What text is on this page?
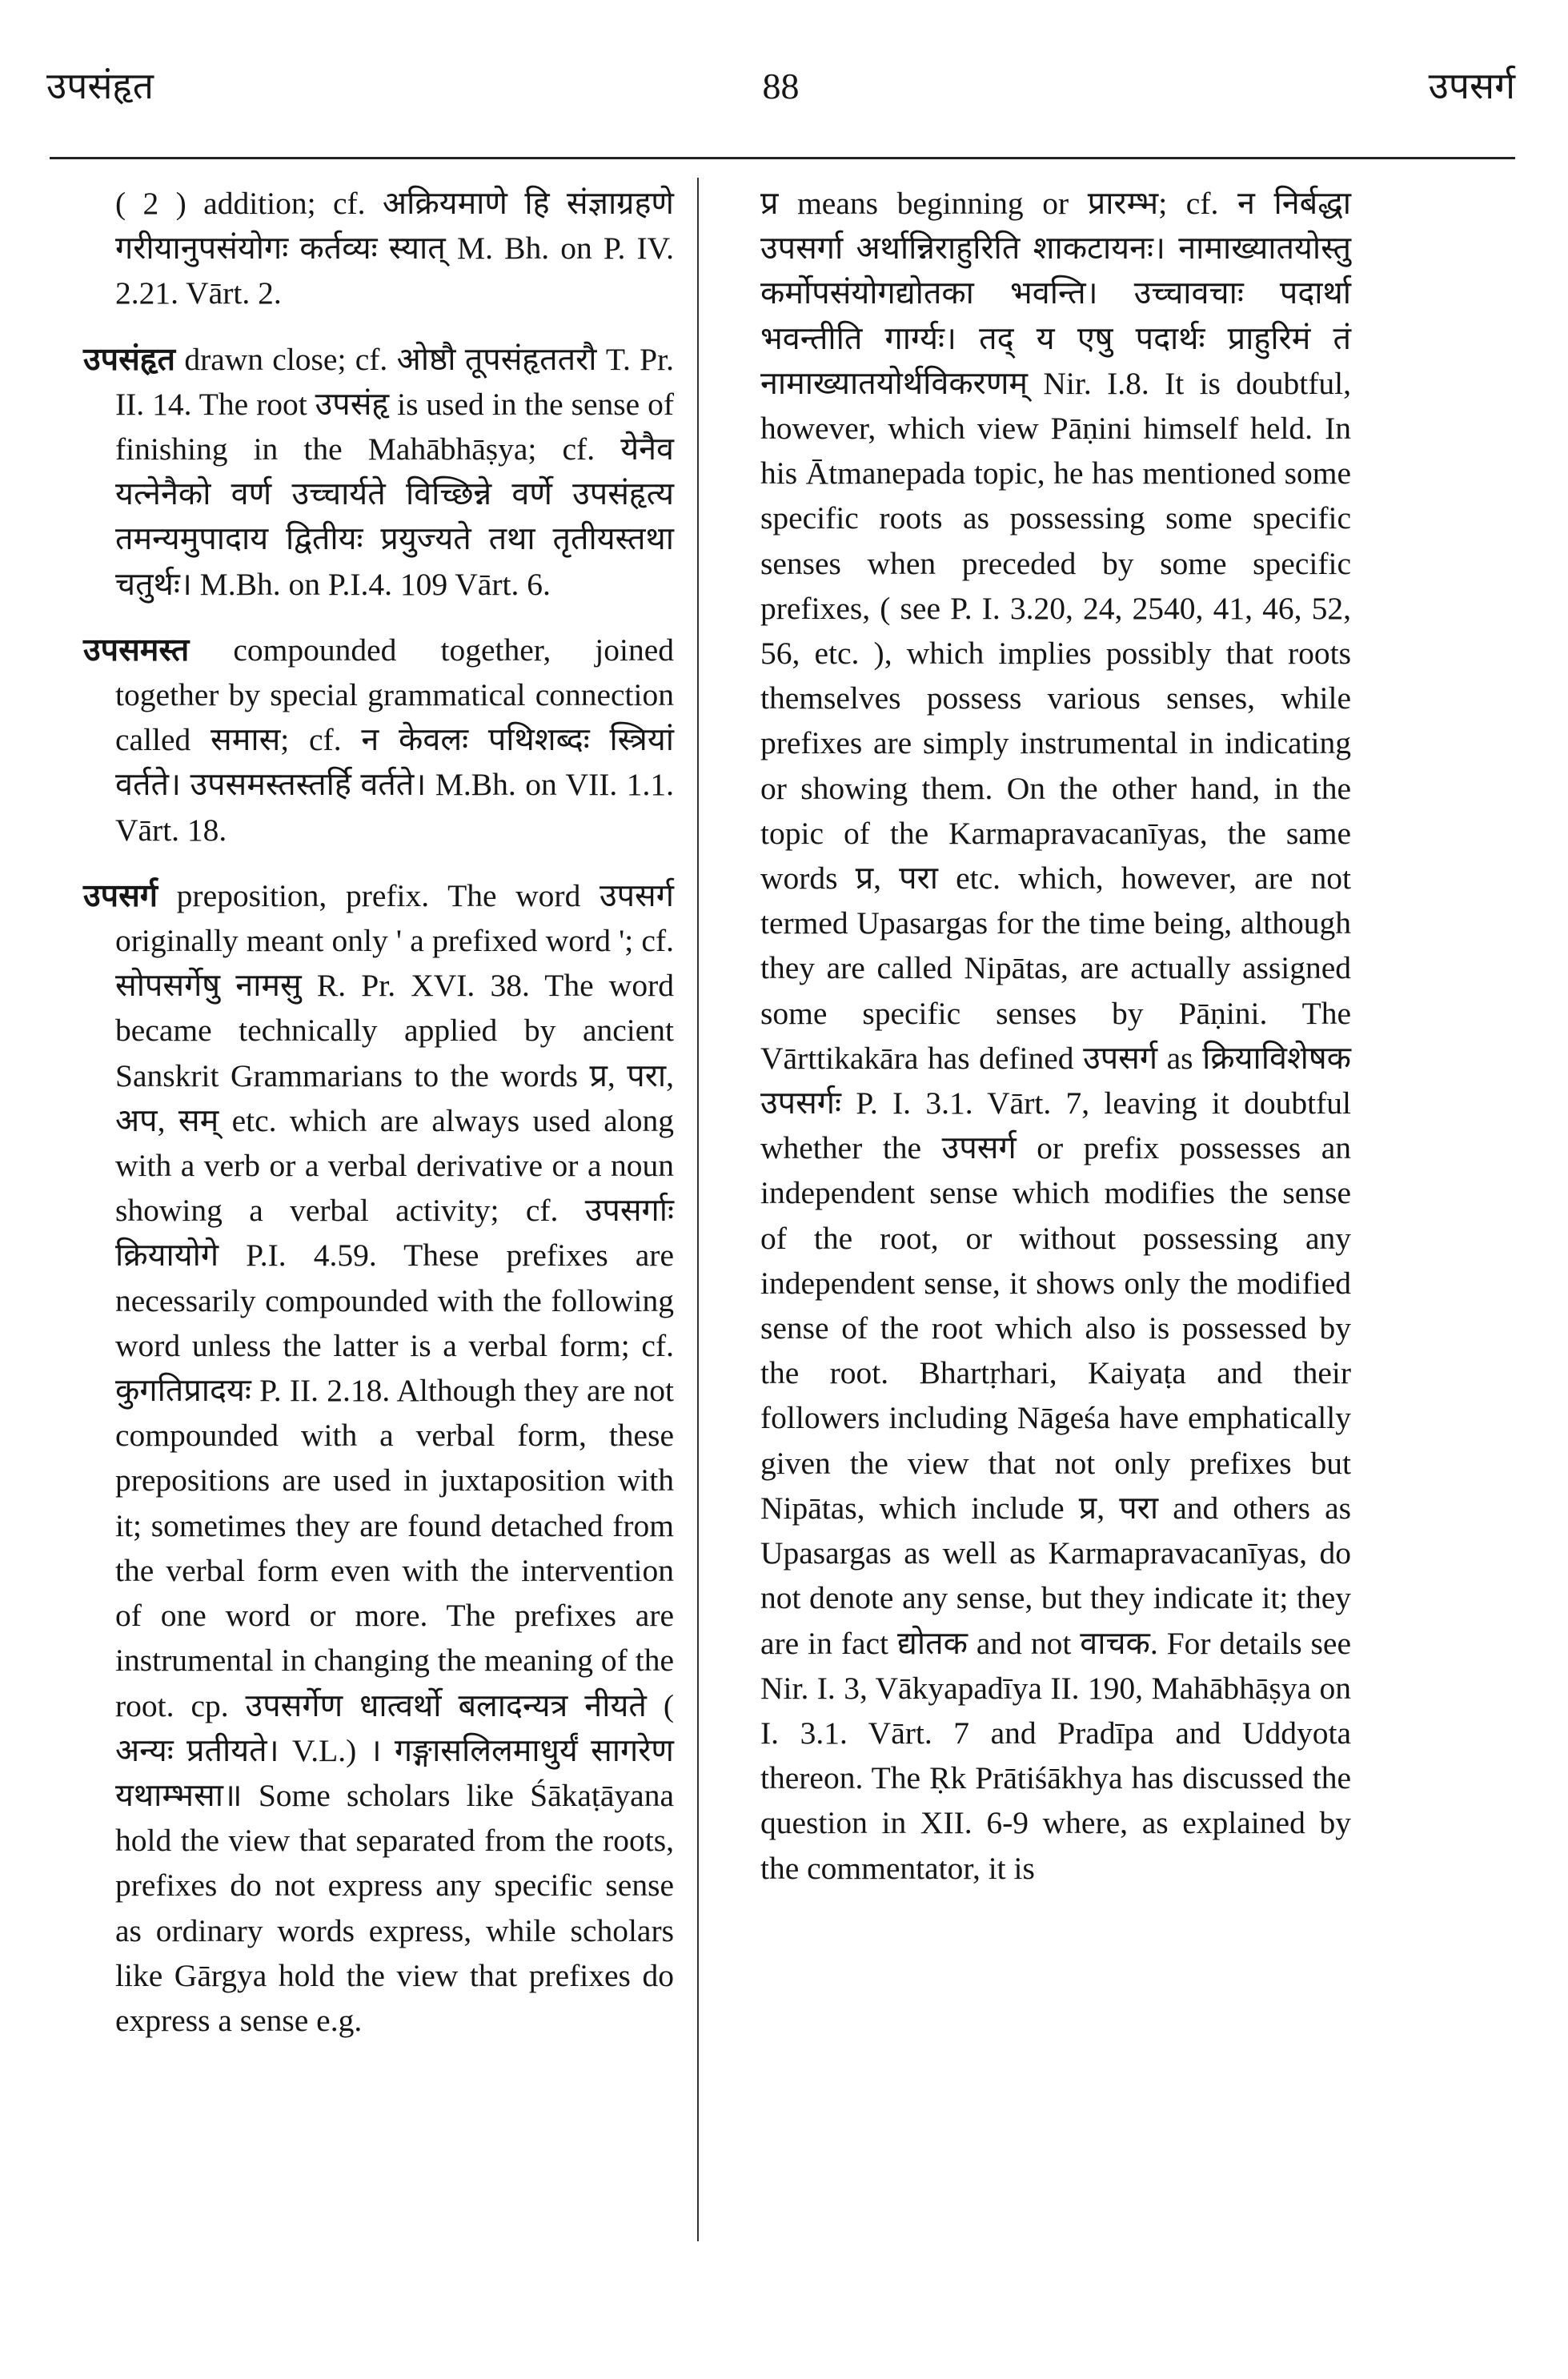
उपसंहृत	88	उपसर्ग

( 2 ) addition; cf. अक्रियमाणे हि संज्ञाग्रहणे गरीयानुपसंयोगः कर्तव्यः स्यात् M. Bh. on P. IV. 2.21. Vārt. 2.

उपसंहृत drawn close; cf. ओष्ठौ तूपसंहृततरौ T. Pr. II. 14. The root उपसंहृ is used in the sense of finishing in the Mahābhāṣya; cf. येनैव यत्नेनैको वर्ण उच्चार्यते विच्छिन्ने वर्णे उपसंहृत्य तमन्यमुपादाय द्वितीयः प्रयुज्यते तथा तृतीयस्तथा चतुर्थः। M.Bh. on P.I.4. 109 Vārt. 6.

उपसमस्त compounded together, joined together by special grammatical connection called समास; cf. न केवलः पथिशब्दः स्त्रियां वर्तते। उपसमस्तस्तर्हि वर्तते। M.Bh. on VII. 1.1. Vārt. 18.

उपसर्ग preposition, prefix. The word उपसर्ग originally meant only ' a prefixed word '; cf. सोपसर्गेषु नामसु R. Pr. XVI. 38. The word became technically applied by ancient Sanskrit Grammarians to the words प्र, परा, अप, सम् etc. which are always used along with a verb or a verbal derivative or a noun showing a verbal activity; cf. उपसर्गाः क्रियायोगे P.I. 4.59. These prefixes are necessarily compounded with the following word unless the latter is a verbal form; cf. कुगतिप्रादयः P. II. 2.18. Although they are not compounded with a verbal form, these prepositions are used in juxtaposition with it; sometimes they are found detached from the verbal form even with the intervention of one word or more. The prefixes are instrumental in changing the meaning of the root. cp. उपसर्गेण धात्वर्थो बलादन्यत्र नीयते ( अन्यः प्रतीयते। V.L.) । गङ्गासलिलमाधुर्यं सागरेण यथाम्भसा॥ Some scholars like Śākaṭāyana hold the view that separated from the roots, prefixes do not express any specific sense as ordinary words express, while scholars like Gārgya hold the view that prefixes do express a sense e.g.

प्र means beginning or प्रारम्भ; cf. न निर्बद्धा उपसर्गा अर्थान्निराहुरिति शाकटायनः। नामाख्यातयोस्तु कर्मोपसंयोगद्योतका भवन्ति। उच्चावचाः पदार्था भवन्तीति गार्ग्यः। तद् य एषु पदार्थः प्राहुरिमं तं नामाख्यातयोर्थविकरणम् Nir. I.8. It is doubtful, however, which view Pāṇini himself held. In his Ātmanepada topic, he has mentioned some specific roots as possessing some specific senses when preceded by some specific prefixes, ( see P. I. 3.20, 24, 2540, 41, 46, 52, 56, etc. ), which implies possibly that roots themselves possess various senses, while prefixes are simply instrumental in indicating or showing them. On the other hand, in the topic of the Karmapravacanīyas, the same words प्र, परा etc. which, however, are not termed Upasargas for the time being, although they are called Nipātas, are actually assigned some specific senses by Pāṇini. The Vārttikakāra has defined उपसर्ग as क्रियाविशेषक उपसर्गः P. I. 3.1. Vārt. 7, leaving it doubtful whether the उपसर्ग or prefix possesses an independent sense which modifies the sense of the root, or without possessing any independent sense, it shows only the modified sense of the root which also is possessed by the root. Bhartṛhari, Kaiyaṭa and their followers including Nāgeśa have emphatically given the view that not only prefixes but Nipātas, which include प्र, परा and others as Upasargas as well as Karmapravacanīyas, do not denote any sense, but they indicate it; they are in fact द्योतक and not वाचक. For details see Nir. I. 3, Vākyapadīya II. 190, Mahābhāṣya on I. 3.1. Vārt. 7 and Pradīpa and Uddyota thereon. The Ṛk Prātiśākhya has discussed the question in XII. 6-9 where, as explained by the commentator, it is
